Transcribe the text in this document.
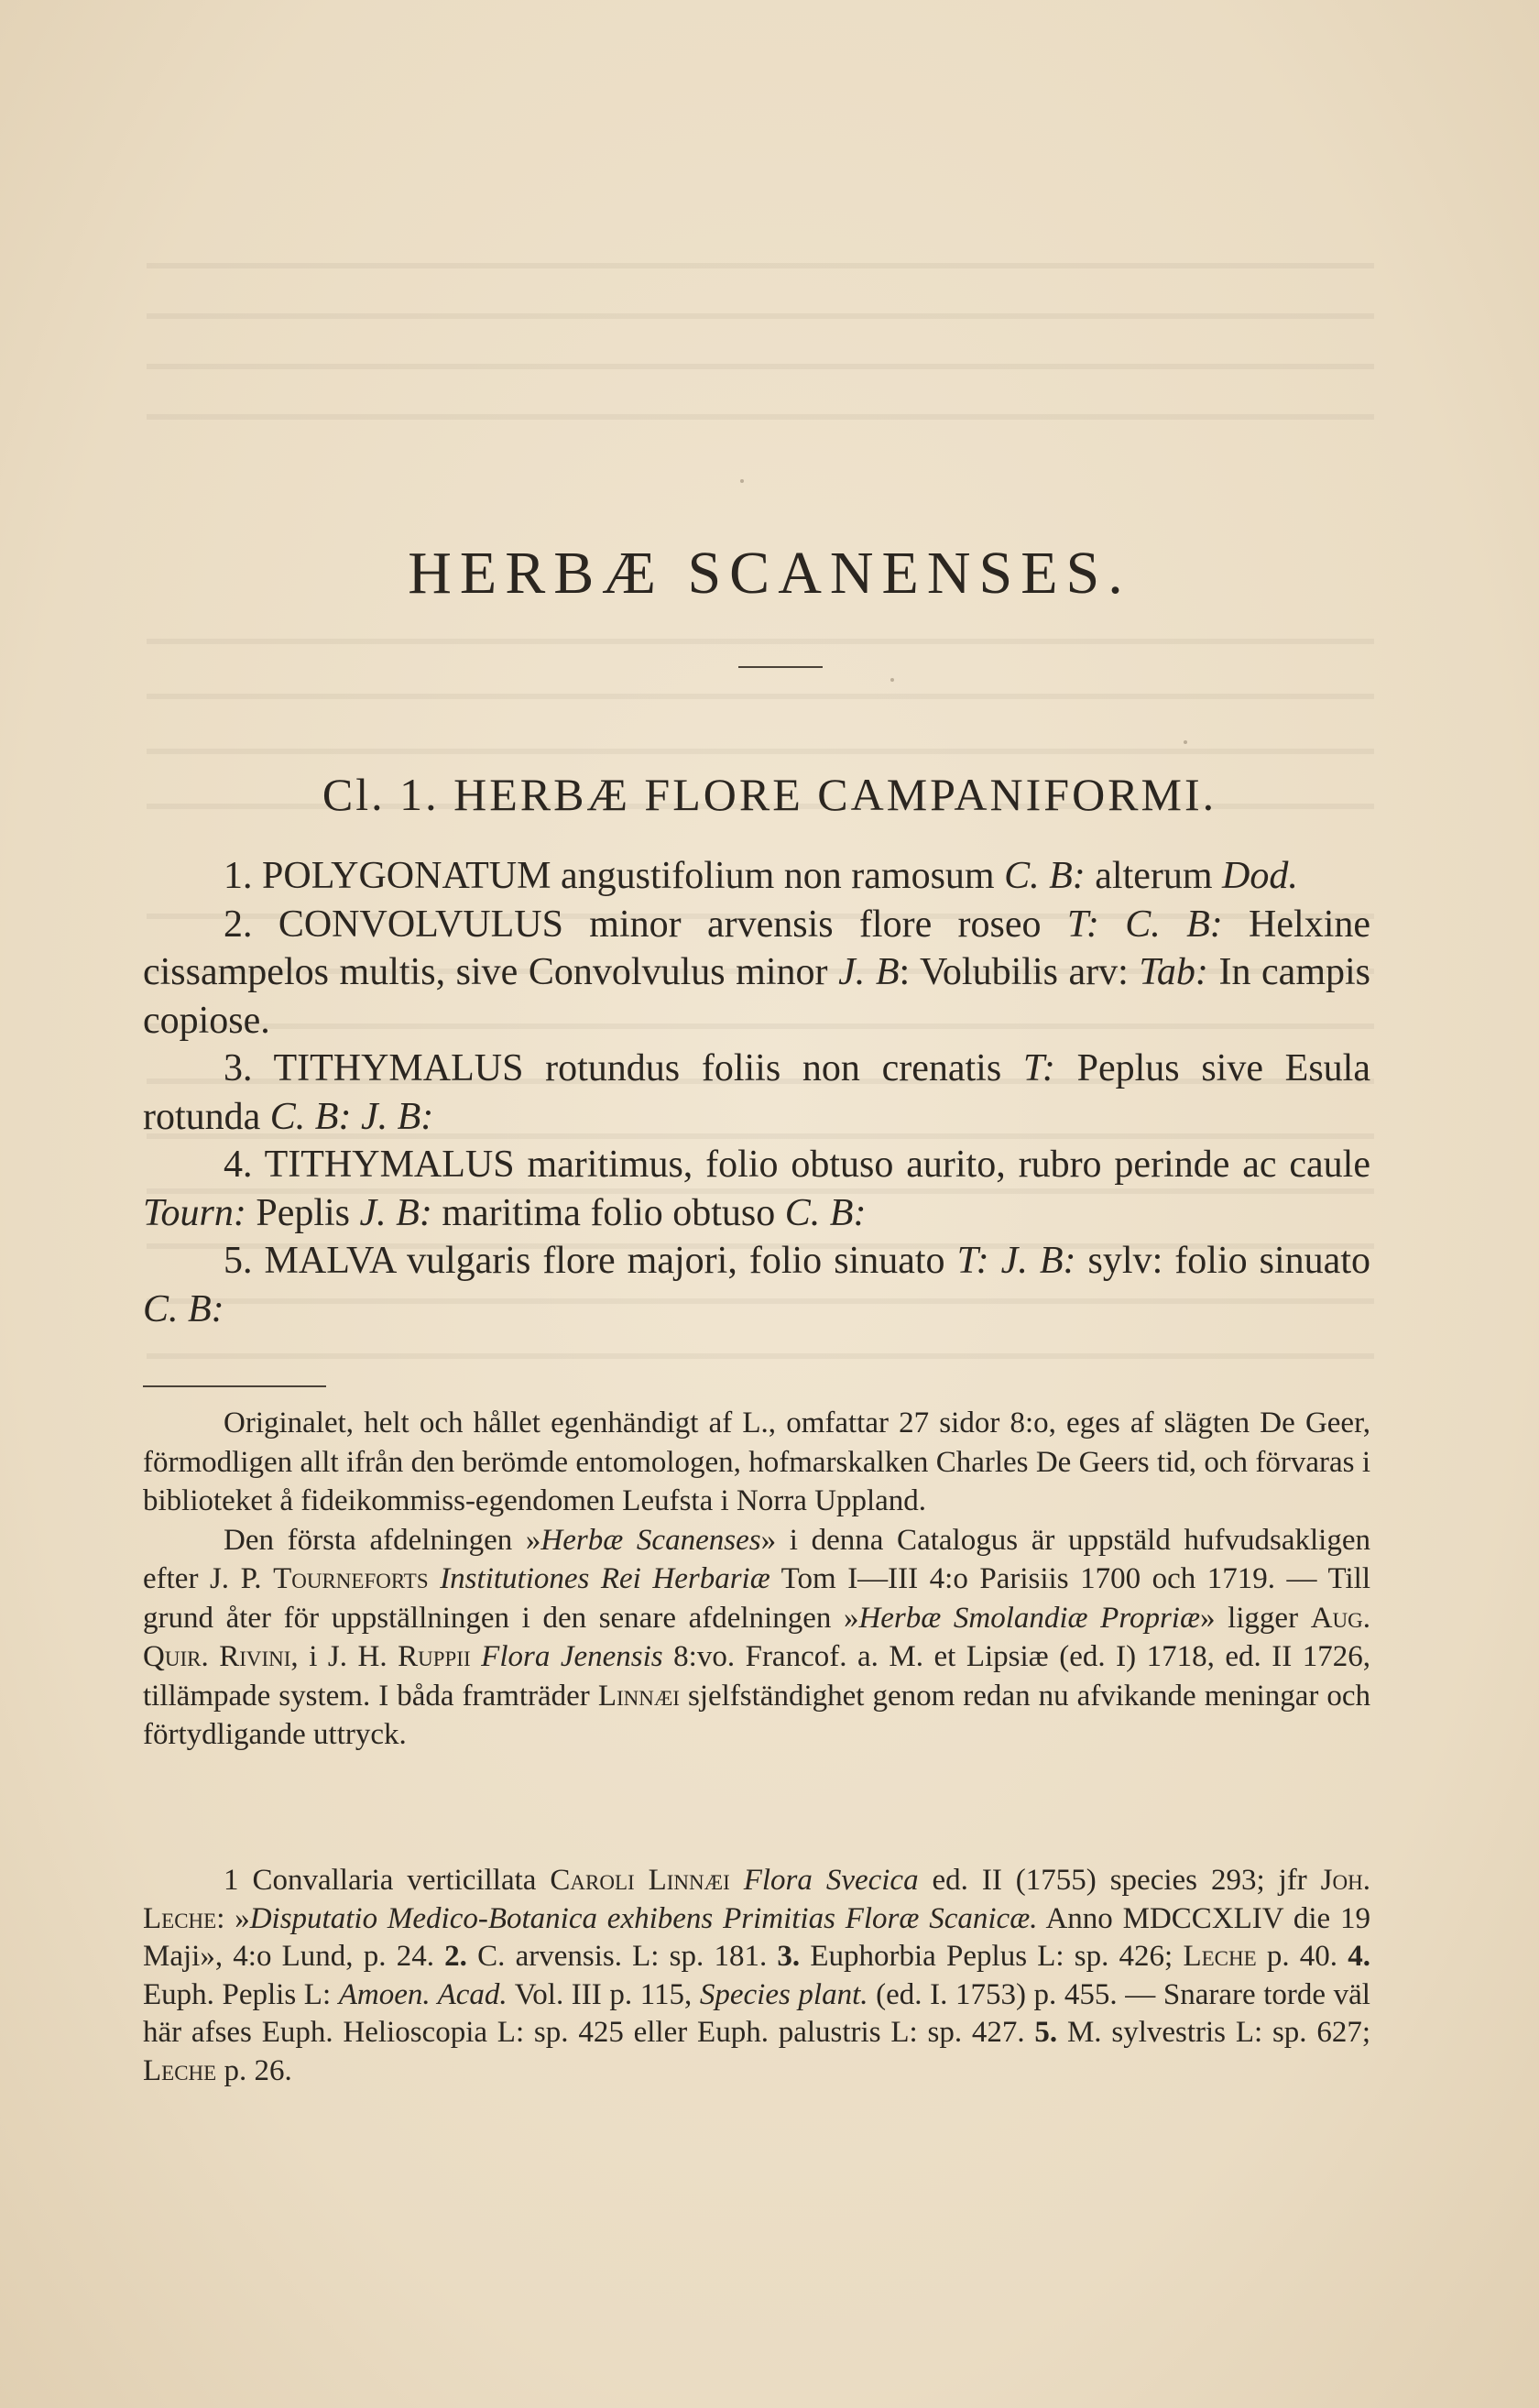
HERBÆ SCANENSES.
Cl. 1. HERBÆ FLORE CAMPANIFORMI.

1. POLYGONATUM angustifolium non ramosum C. B: alterum Dod.

2. CONVOLVULUS minor arvensis flore roseo T: C. B: Helxine cissampelos multis, sive Convolvulus minor J. B: Volubilis arv: Tab: In campis copiose.

3. TITHYMALUS rotundus foliis non crenatis T: Peplus sive Esula rotunda C. B: J. B:

4. TITHYMALUS maritimus, folio obtuso aurito, rubro perinde ac caule Tourn: Peplis J. B: maritima folio obtuso C. B:

5. MALVA vulgaris flore majori, folio sinuato T: J. B: sylv: folio sinuato C. B:

Originalet, helt och hållet egenhändigt af L., omfattar 27 sidor 8:o, eges af slägten De Geer, förmodligen allt ifrån den berömde entomologen, hofmarskalken Charles De Geers tid, och förvaras i biblioteket å fideikommiss-egendomen Leufsta i Norra Uppland.

Den första afdelningen »Herbæ Scanenses» i denna Catalogus är uppstäld hufvudsakligen efter J. P. Tourneforts Institutiones Rei Herbariæ Tom I—III 4:o Parisiis 1700 och 1719. — Till grund åter för uppställningen i den senare afdelningen »Herbæ Smolandiæ Propriæ» ligger Aug. Quir. Rivini, i J. H. Ruppii Flora Jenensis 8:vo. Francof. a. M. et Lipsiæ (ed. I) 1718, ed. II 1726, tillämpade system. I båda framträder Linnæi sjelfständighet genom redan nu afvikande meningar och förtydligande uttryck.

1 Convallaria verticillata Caroli Linnæi Flora Svecica ed. II (1755) species 293; jfr Joh. Leche: »Disputatio Medico-Botanica exhibens Primitias Floræ Scanicæ. Anno MDCCXLIV die 19 Maji», 4:o Lund, p. 24. 2. C. arvensis. L: sp. 181. 3. Euphorbia Peplus L: sp. 426; Leche p. 40. 4. Euph. Peplis L: Amoen. Acad. Vol. III p. 115, Species plant. (ed. I. 1753) p. 455. — Snarare torde väl här afses Euph. Helioscopia L: sp. 425 eller Euph. palustris L: sp. 427. 5. M. sylvestris L: sp. 627; Leche p. 26.
